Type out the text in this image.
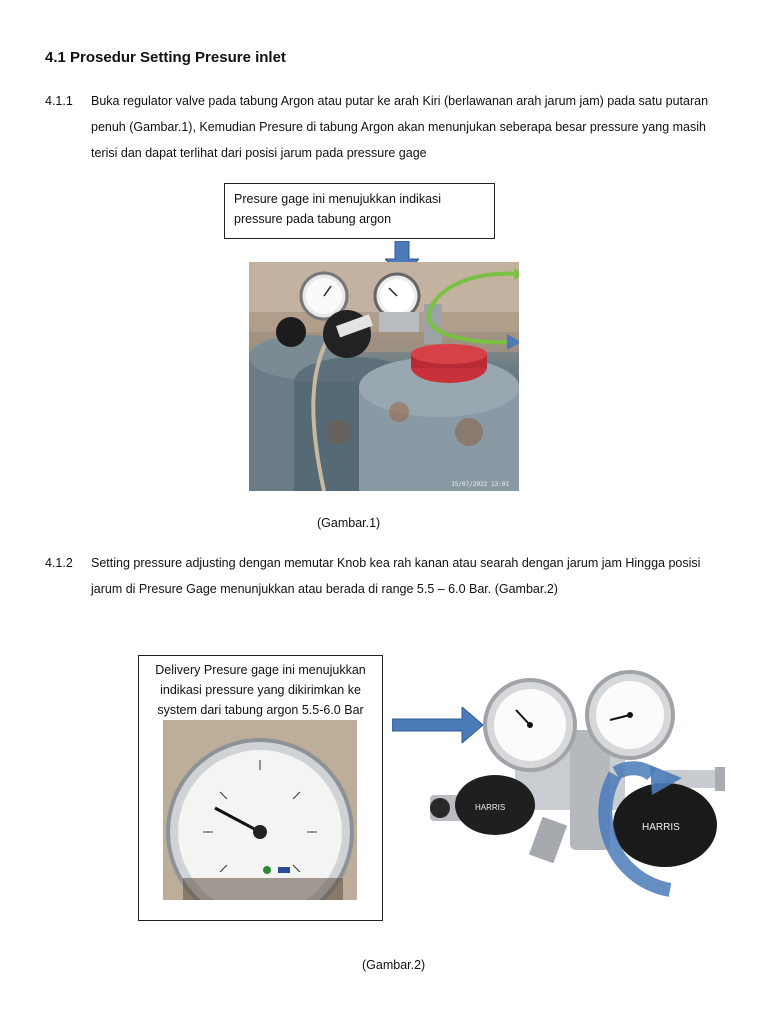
4.1 Prosedur Setting Presure inlet
4.1.1	Buka regulator valve pada tabung Argon atau putar ke arah Kiri (berlawanan arah jarum jam) pada satu putaran
penuh (Gambar.1), Kemudian Presure di tabung Argon akan menunjukan seberapa besar pressure yang masih
terisi dan dapat terlihat dari posisi jarum pada pressure gage
Presure gage ini menujukkan indikasi
pressure pada tabung argon
15/07/2022 13:01
(Gambar.1)
4.1.2	Setting pressure adjusting dengan memutar Knob kea rah kanan atau searah dengan jarum jam Hingga posisi
jarum di Presure Gage menunjukkan atau berada di range 5.5 – 6.0 Bar. (Gambar.2)
Delivery Presure gage ini menujukkan
indikasi pressure yang dikirimkan ke
system dari tabung argon 5.5-6.0 Bar
HARRIS
HARRIS
(Gambar.2)
